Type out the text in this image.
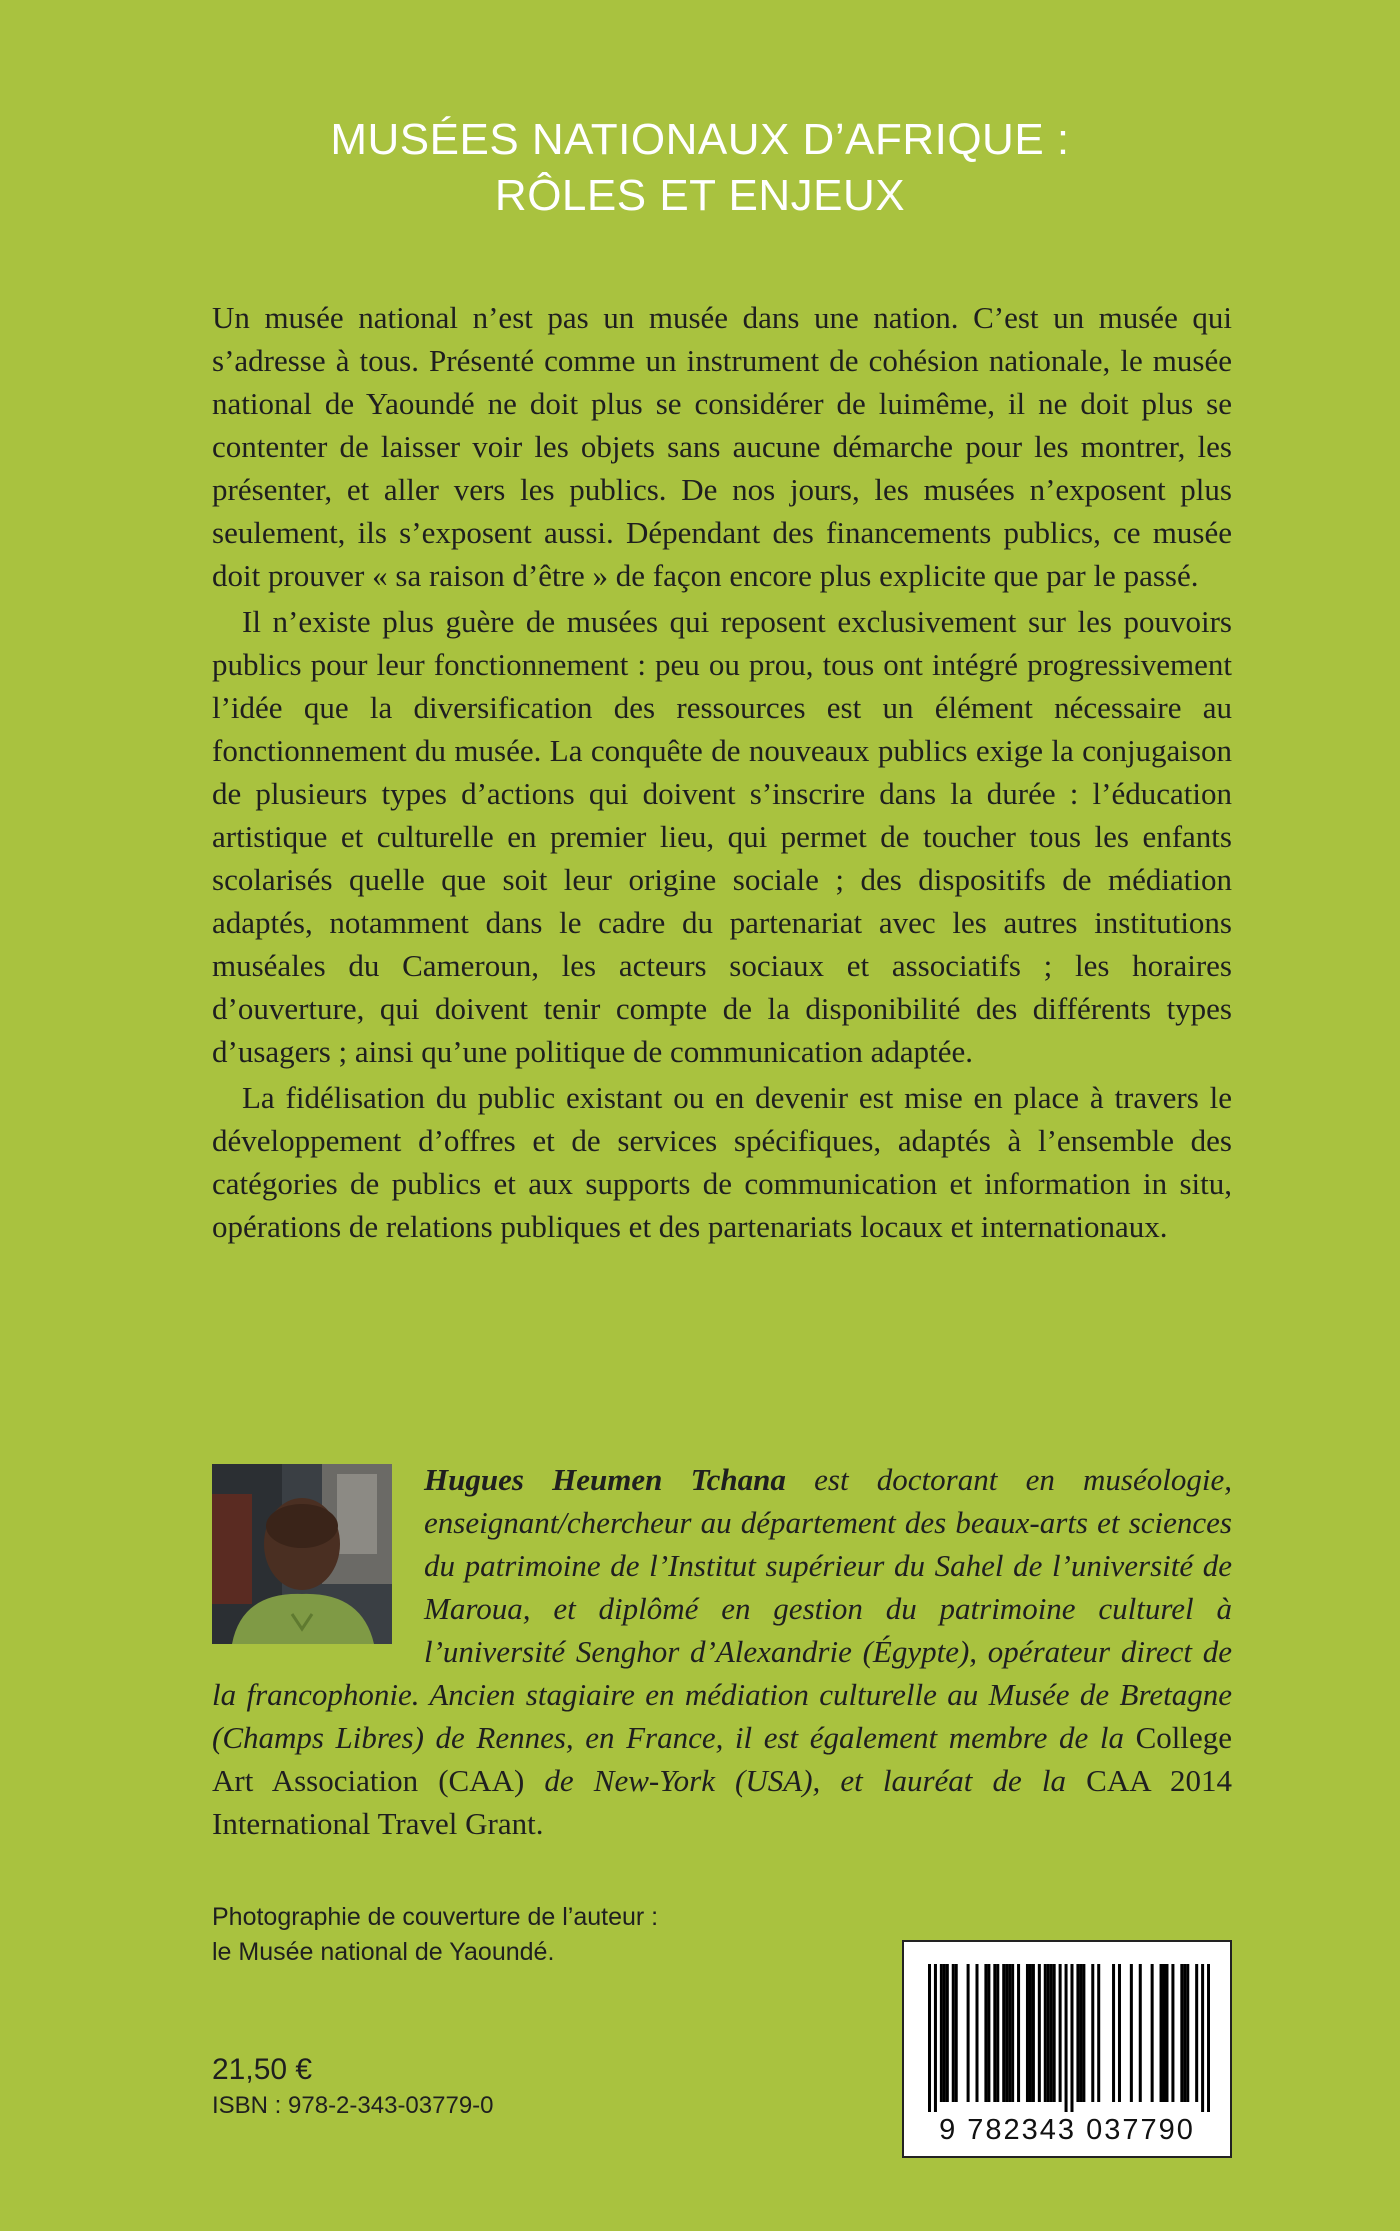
MUSÉES NATIONAUX D’AFRIQUE :
RÔLES ET ENJEUX

Un musée national n’est pas un musée dans une nation. C’est un musée qui s’adresse à tous. Présenté comme un instrument de cohésion nationale, le musée national de Yaoundé ne doit plus se considérer de luimême, il ne doit plus se contenter de laisser voir les objets sans aucune démarche pour les montrer, les présenter, et aller vers les publics. De nos jours, les musées n’exposent plus seulement, ils s’exposent aussi. Dépendant des financements publics, ce musée doit prouver « sa raison d’être » de façon encore plus explicite que par le passé.

Il n’existe plus guère de musées qui reposent exclusivement sur les pouvoirs publics pour leur fonctionnement : peu ou prou, tous ont intégré progressivement l’idée que la diversification des ressources est un élément nécessaire au fonctionnement du musée. La conquête de nouveaux publics exige la conjugaison de plusieurs types d’actions qui doivent s’inscrire dans la durée : l’éducation artistique et culturelle en premier lieu, qui permet de toucher tous les enfants scolarisés quelle que soit leur origine sociale ; des dispositifs de médiation adaptés, notamment dans le cadre du partenariat avec les autres institutions muséales du Cameroun, les acteurs sociaux et associatifs ; les horaires d’ouverture, qui doivent tenir compte de la disponibilité des différents types d’usagers ; ainsi qu’une politique de communication adaptée.

La fidélisation du public existant ou en devenir est mise en place à travers le développement d’offres et de services spécifiques, adaptés à l’ensemble des catégories de publics et aux supports de communication et information in situ, opérations de relations publiques et des partenariats locaux et internationaux.

Hugues Heumen Tchana est doctorant en muséologie, enseignant/chercheur au département des beaux-arts et sciences du patrimoine de l’Institut supérieur du Sahel de l’université de Maroua, et diplômé en gestion du patrimoine culturel à l’université Senghor d’Alexandrie (Égypte), opérateur direct de la francophonie. Ancien stagiaire en médiation culturelle au Musée de Bretagne (Champs Libres) de Rennes, en France, il est également membre de la College Art Association (CAA) de New-York (USA), et lauréat de la CAA 2014 International Travel Grant.
Photographie de couverture de l’auteur :
le Musée national de Yaoundé.
21,50 €
ISBN : 978-2-343-03779-0
9 782343 037790
